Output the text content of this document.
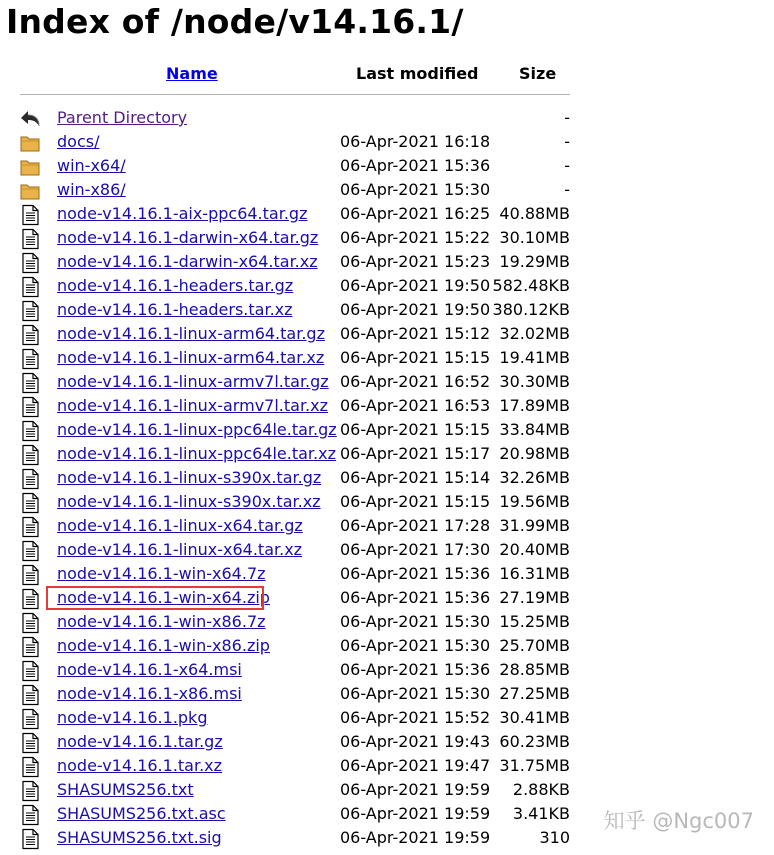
Index of /node/v14.16.1/
Name	Last modified	Size
Parent Directory	-
docs/	06-Apr-2021 16:18	-
win-x64/	06-Apr-2021 15:36	-
win-x86/	06-Apr-2021 15:30	-
node-v14.16.1-aix-ppc64.tar.gz 06-Apr-2021 16:25 40.88MB
node-v14.16.1-darwin-x64.tar.gz 06-Apr-2021 15:22 30.10MB
node-v14.16.1-darwin-x64.tar.xz 06-Apr-2021 15:23 19.29MB
node-v14.16.1-headers.tar.gz	06-Apr-2021 19:50 582.48KB
node-v14.16.1-headers.tar.xz	06-Apr-2021 19:50 380.12KB
node-v14.16.1-linux-arm64.tar.gz 06-Apr-2021 15:12 32.02MB
node-v14.16.1-linux-arm64.tar.xz 06-Apr-2021 15:15 19.41MB
node-v14.16.1-linux-armv7l.tar.gz 06-Apr-2021 16:52 30.30MB
node-v14.16.1-linux-armv7l.tar.xz 06-Apr-2021 16:53 17.89MB
node-v14.16.1-linux-ppc64le.tar.gz 06-Apr-2021 15:15 33.84MB
node-v14.16.1-linux-ppc64le.tar.xz 06-Apr-2021 15:17 20.98MB
node-v14.16.1-linux-s390x.tar.gz 06-Apr-2021 15:14 32.26MB
node-v14.16.1-linux-s390x.tar.xz 06-Apr-2021 15:15 19.56MB
node-v14.16.1-linux-x64.tar.gz 06-Apr-2021 17:28 31.99MB
node-v14.16.1-linux-x64.tar.xz 06-Apr-2021 17:30 20.40MB
node-v14.16.1-win-x64.7z	06-Apr-2021 15:36 16.31MB
node-v14.16.1-win-x64.zip	06-Apr-2021 15:36 27.19MB
node-v14.16.1-win-x86.7z	06-Apr-2021 15:30 15.25MB
node-v14.16.1-win-x86.zip	06-Apr-2021 15:30 25.70MB
node-v14.16.1-x64.msi	06-Apr-2021 15:36 28.85MB
node-v14.16.1-x86.msi	06-Apr-2021 15:30 27.25MB
node-v14.16.1.pkg	06-Apr-2021 15:52 30.41MB
node-v14.16.1.tar.gz	06-Apr-2021 19:43 60.23MB
node-v14.16.1.tar.xz	06-Apr-2021 19:47 31.75MB
SHASUMS256.txt	06-Apr-2021 19:59 2.88KB
SHASUMS256.txt.asc	06-Apr-2021 19:59 3.41KB
SHASUMS256.txt.sig	06-Apr-2021 19:59	310
知乎 @Ngc007
